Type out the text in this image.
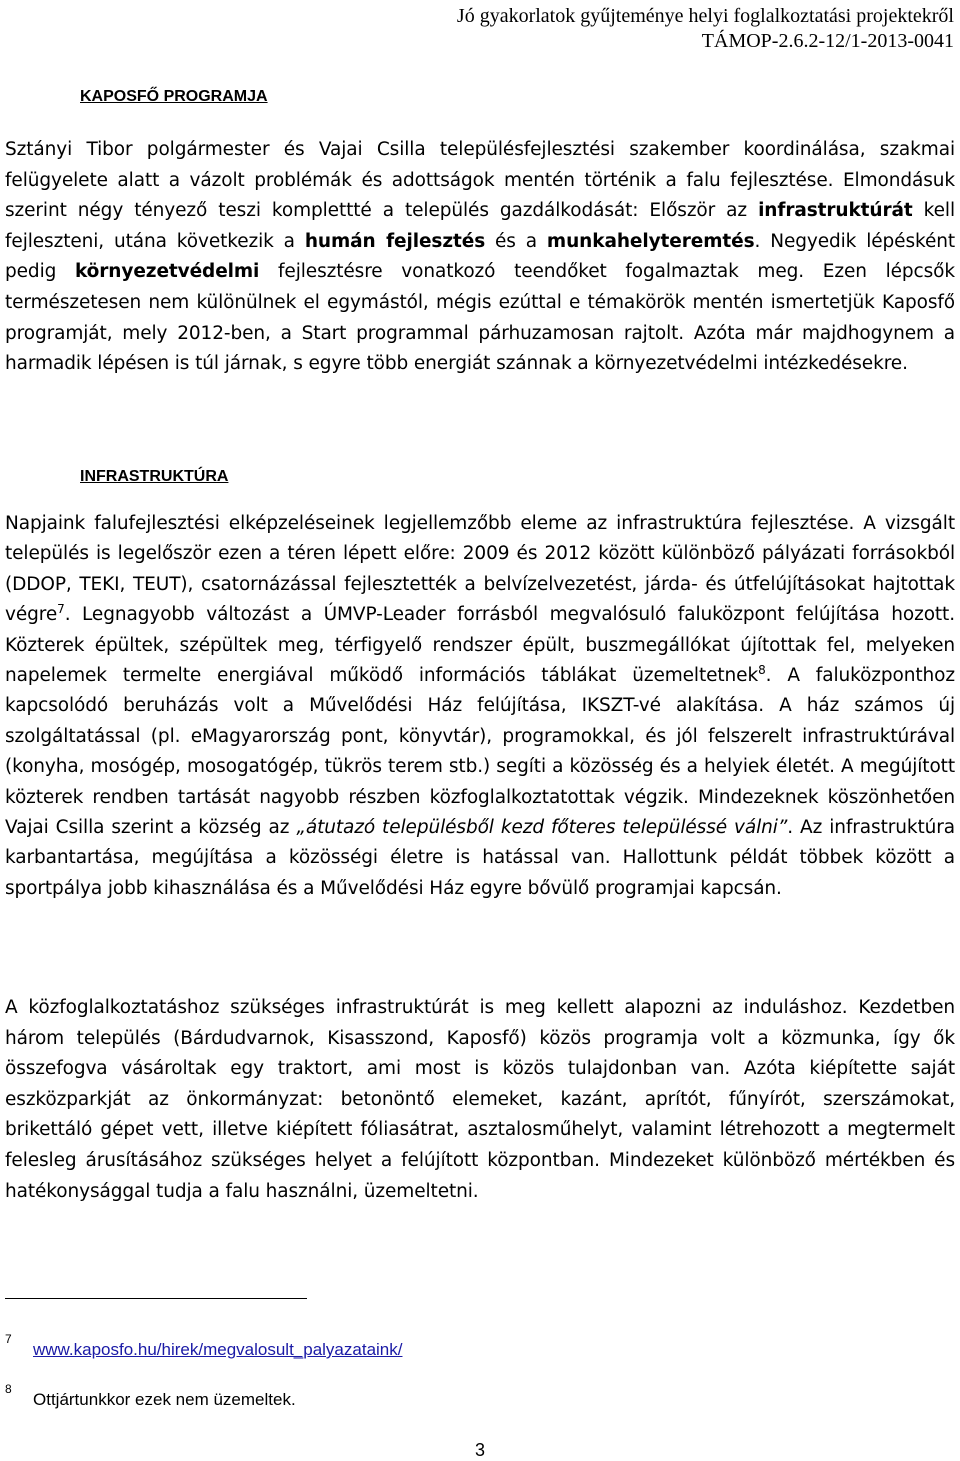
Jó gyakorlatok gyűjteménye helyi foglalkoztatási projektekről
TÁMOP-2.6.2-12/1-2013-0041
KAPOSFŐ PROGRAMJA

Sztányi Tibor polgármester és Vajai Csilla településfejlesztési szakember koordinálása, szakmai felügyelete alatt a vázolt problémák és adottságok mentén történik a falu fejlesztése. Elmondásuk szerint négy tényező teszi komplettté a település gazdálkodását: Először az infrastruktúrát kell fejleszteni, utána következik a humán fejlesztés és a munkahelyteremtés. Negyedik lépésként pedig környezetvédelmi fejlesztésre vonatkozó teendőket fogalmaztak meg. Ezen lépcsők természetesen nem különülnek el egymástól, mégis ezúttal e témakörök mentén ismertetjük Kaposfő programját, mely 2012-ben, a Start programmal párhuzamosan rajtolt. Azóta már majdhogynem a harmadik lépésen is túl járnak, s egyre több energiát szánnak a környezetvédelmi intézkedésekre.

INFRASTRUKTÚRA

Napjaink falufejlesztési elképzeléseinek legjellemzőbb eleme az infrastruktúra fejlesztése. A vizsgált település is legelőször ezen a téren lépett előre: 2009 és 2012 között különböző pályázati forrásokból (DDOP, TEKI, TEUT), csatornázással fejlesztették a belvízelvezetést, járda- és útfelújításokat hajtottak végre$^7$. Legnagyobb változást a ÚMVP-Leader forrásból megvalósuló faluközpont felújítása hozott. Közterek épültek, szépültek meg, térfigyelő rendszer épült, buszmegállókat újítottak fel, melyeken napelemek termelte energiával működő információs táblákat üzemeltetnek$^8$. A faluközponthoz kapcsolódó beruházás volt a Művelődési Ház felújítása, IKSZT-vé alakítása. A ház számos új szolgáltatással (pl. eMagyarország pont, könyvtár), programokkal, és jól felszerelt infrastruktúrával (konyha, mosógép, mosogatógép, tükrös terem stb.) segíti a közösség és a helyiek életét. A megújított közterek rendben tartását nagyobb részben közfoglalkoztatottak végzik. Mindezeknek köszönhetően Vajai Csilla szerint a község az „átutazó településből kezd főteres településsé válni”. Az infrastruktúra karbantartása, megújítása a közösségi életre is hatással van. Hallottunk példát többek között a sportpálya jobb kihasználása és a Művelődési Ház egyre bővülő programjai kapcsán.

A közfoglalkoztatáshoz szükséges infrastruktúrát is meg kellett alapozni az induláshoz. Kezdetben három település (Bárdudvarnok, Kisasszond, Kaposfő) közös programja volt a közmunka, így ők összefogva vásároltak egy traktort, ami most is közös tulajdonban van. Azóta kiépítette saját eszközparkját az önkormányzat: betonöntő elemeket, kazánt, aprítót, fűnyírót, szerszámokat, brikettáló gépet vett, illetve kiépített fóliasátrat, asztalosműhelyt, valamint létrehozott a megtermelt felesleg árusításához szükséges helyet a felújított központban. Mindezeket különböző mértékben és hatékonysággal tudja a falu használni, üzemeltetni.

7
www.kaposfo.hu/hirek/megvalosult_palyazataink/
8
Ottjártunkkor ezek nem üzemeltek.
3
